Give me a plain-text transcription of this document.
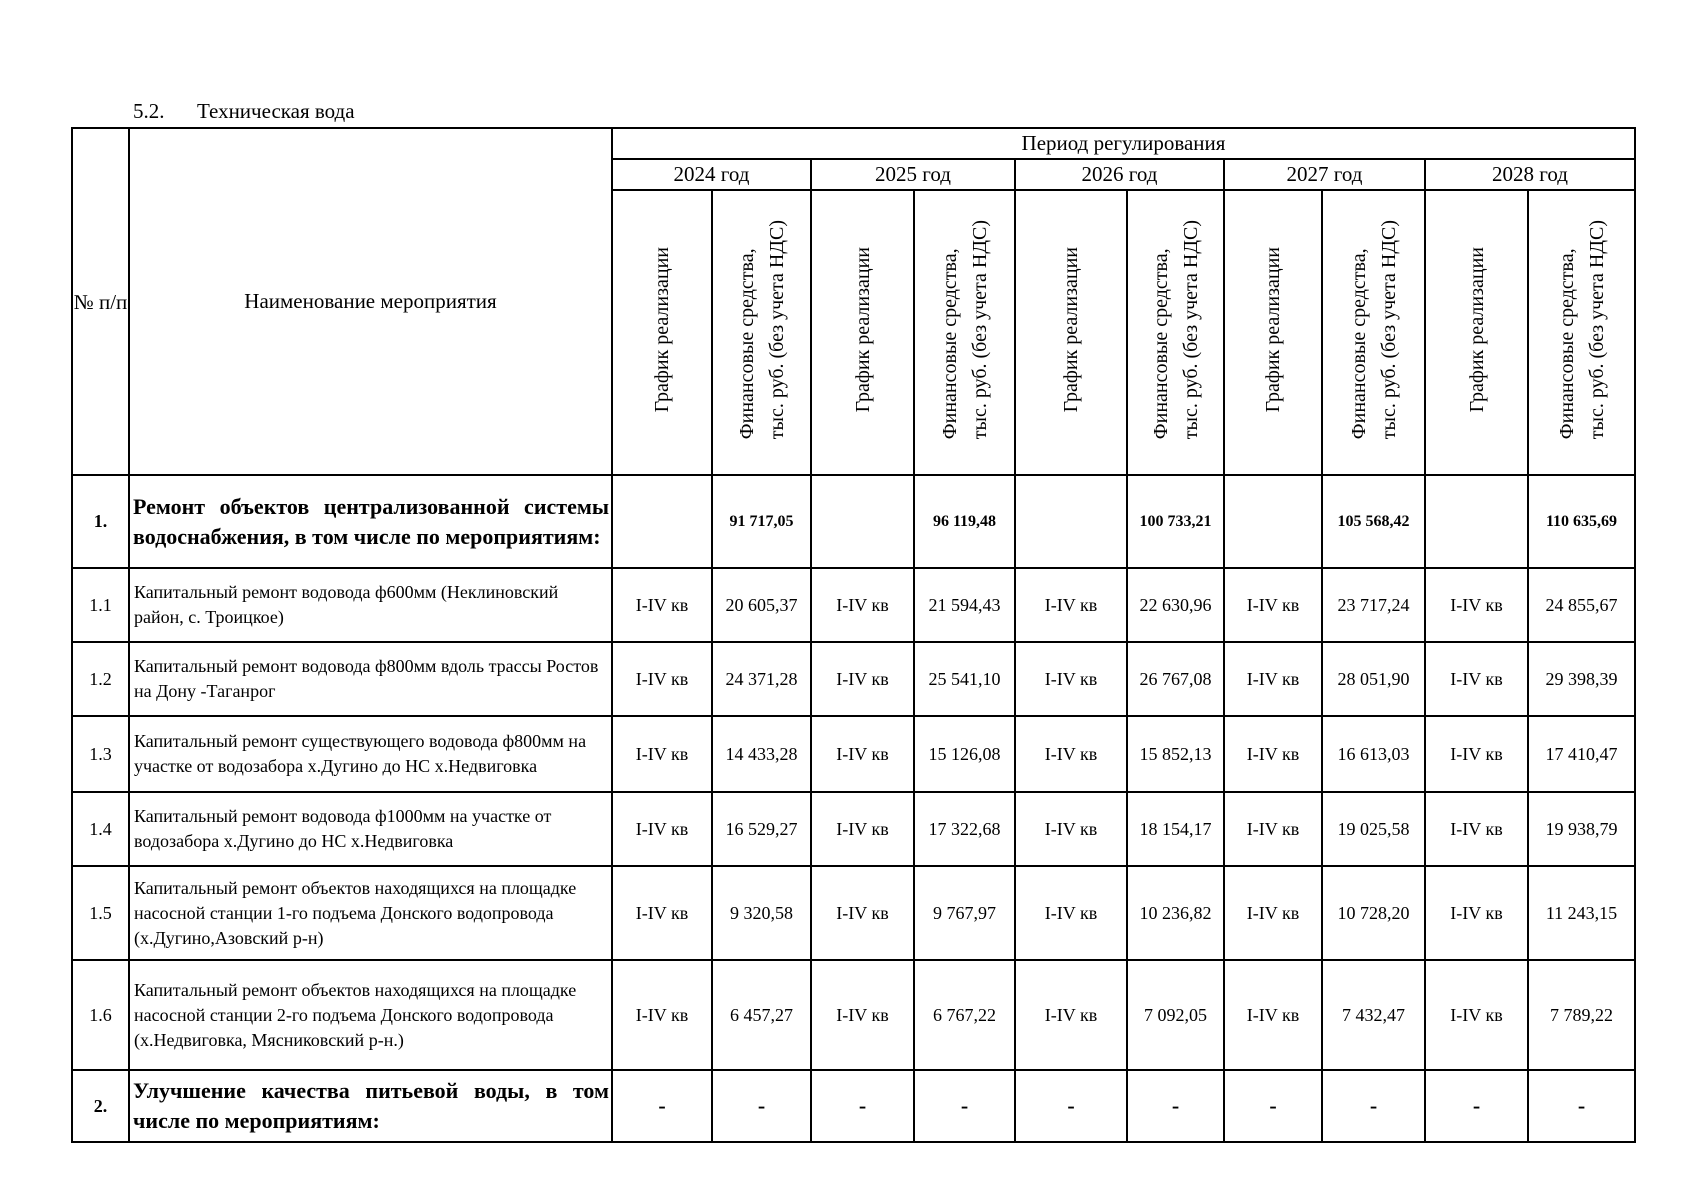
5.2. Техническая вода
№ п/п	Наименование мероприятия	Период регулирования									
		2024 год		2025 год		2026 год		2027 год		2028 год	
		График реализации	Финансовые средства, тыс. руб. (без учета НДС)	График реализации	Финансовые средства, тыс. руб. (без учета НДС)	График реализации	Финансовые средства, тыс. руб. (без учета НДС)	График реализации	Финансовые средства, тыс. руб. (без учета НДС)	График реализации	Финансовые средства, тыс. руб. (без учета НДС)
1.	Ремонт объектов централизованной системы водоснабжения, в том числе по мероприятиям:		91 717,05		96 119,48		100 733,21		105 568,42		110 635,69
1.1	Капитальный ремонт водовода ф600мм (Неклиновский район, с. Троицкое)	I-IV кв	20 605,37	I-IV кв	21 594,43	I-IV кв	22 630,96	I-IV кв	23 717,24	I-IV кв	24 855,67
1.2	Капитальный ремонт водовода ф800мм вдоль трассы Ростов на Дону -Таганрог	I-IV кв	24 371,28	I-IV кв	25 541,10	I-IV кв	26 767,08	I-IV кв	28 051,90	I-IV кв	29 398,39
1.3	Капитальный ремонт существующего водовода ф800мм на участке от водозабора х.Дугино до НС х.Недвиговка	I-IV кв	14 433,28	I-IV кв	15 126,08	I-IV кв	15 852,13	I-IV кв	16 613,03	I-IV кв	17 410,47
1.4	Капитальный ремонт водовода ф1000мм на участке от водозабора х.Дугино до НС х.Недвиговка	I-IV кв	16 529,27	I-IV кв	17 322,68	I-IV кв	18 154,17	I-IV кв	19 025,58	I-IV кв	19 938,79
1.5	Капитальный ремонт объектов находящихся на площадке насосной станции 1-го подъема Донского водопровода (х.Дугино,Азовский р-н)	I-IV кв	9 320,58	I-IV кв	9 767,97	I-IV кв	10 236,82	I-IV кв	10 728,20	I-IV кв	11 243,15
1.6	Капитальный ремонт объектов находящихся на площадке насосной станции 2-го подъема Донского водопровода (х.Недвиговка, Мясниковский р-н.)	I-IV кв	6 457,27	I-IV кв	6 767,22	I-IV кв	7 092,05	I-IV кв	7 432,47	I-IV кв	7 789,22
2.	Улучшение качества питьевой воды, в том числе по мероприятиям:	-	-	-	-	-	-	-	-	-	-
